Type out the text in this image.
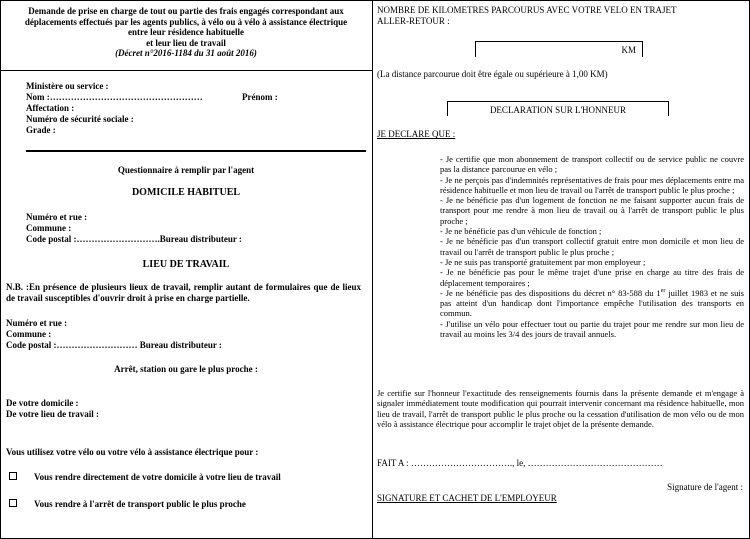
Demande de prise en charge de tout ou partie des frais engagés correspondant aux
déplacements effectués par les agents publics, à vélo ou à vélo à assistance électrique
entre leur résidence habituelle
et leur lieu de travail
(Décret n°2016-1184 du 31 août 2016)
Ministère ou service :
Nom :……………………………………………	Prénom :
Affectation :
Numéro de sécurité sociale :
Grade :
Questionnaire à remplir par l'agent
DOMICILE HABITUEL
Numéro et rue :
Commune :
Code postal :……………………….Bureau distributeur :
LIEU DE TRAVAIL
N.B. :En présence de plusieurs lieux de travail, remplir autant de formulaires que de lieux de travail susceptibles d'ouvrir droit à prise en charge partielle.
Numéro et rue :
Commune :
Code postal :……………………… Bureau distributeur :
Arrêt, station ou gare le plus proche :
De votre domicile :
De votre lieu de travail :
Vous utilisez votre vélo ou votre vélo à assistance électrique pour :
Vous rendre directement de votre domicile à votre lieu de travail
Vous rendre à l'arrêt de transport public le plus proche
NOMBRE DE KILOMETRES PARCOURUS AVEC VOTRE VELO EN TRAJET
ALLER-RETOUR :
KM
(La distance parcourue doit être égale ou supérieure à 1,00 KM)
DECLARATION SUR L'HONNEUR
JE DECLARE QUE :
- Je certifie que mon abonnement de transport collectif ou de service public ne couvre pas la distance parcourue en vélo ;
- Je ne perçois pas d'indemnités représentatives de frais pour mes déplacements entre ma résidence habituelle et mon lieu de travail ou l'arrêt de transport public le plus proche ;
- Je ne bénéficie pas d'un logement de fonction ne me faisant supporter aucun frais de transport pour me rendre à mon lieu de travail ou à l'arrêt de transport public le plus proche ;
- Je ne bénéficie pas d'un véhicule de fonction ;
- Je ne bénéficie pas d'un transport collectif gratuit entre mon domicile et mon lieu de travail ou l'arrêt de transport public le plus proche ;
- Je ne suis pas transporté gratuitement par mon employeur ;
- Je ne bénéficie pas pour le même trajet d'une prise en charge au titre des frais de déplacement temporaires ;
- Je ne bénéficie pas des dispositions du décret n° 83-588 du 1er juillet 1983 et ne suis pas atteint d'un handicap dont l'importance empêche l'utilisation des transports en commun.
- J'utilise un vélo pour effectuer tout ou partie du trajet pour me rendre sur mon lieu de travail au moins les 3/4 des jours de travail annuels.
Je certifie sur l'honneur l'exactitude des renseignements fournis dans la présente demande et m'engage à signaler immédiatement toute modification qui pourrait intervenir concernant ma résidence habituelle, mon lieu de travail, l'arrêt de transport public le plus proche ou la cessation d'utilisation de mon vélo ou de mon vélo à assistance électrique pour accomplir le trajet objet de la présente demande.
FAIT A : ……………………………., le, ………………………………………
Signature de l'agent :
SIGNATURE ET CACHET DE L'EMPLOYEUR
